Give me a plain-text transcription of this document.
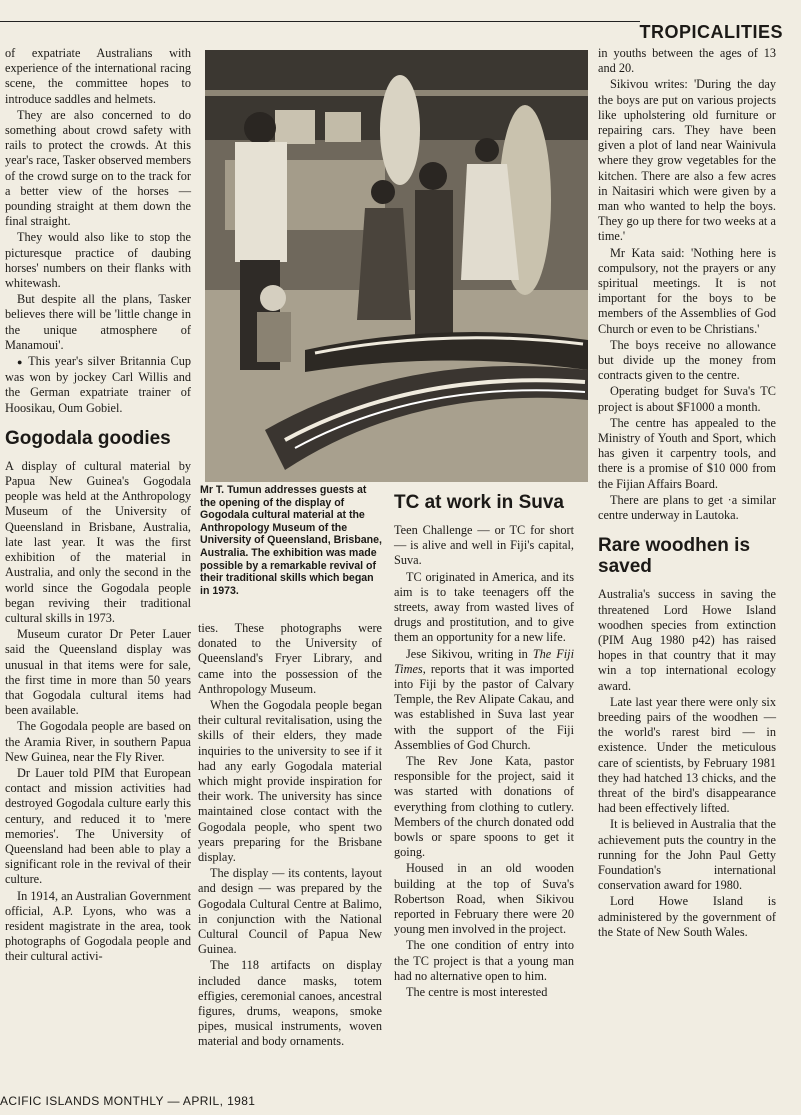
TROPICALITIES

of expatriate Australians with experience of the international racing scene, the committee hopes to introduce saddles and helmets.

They are also concerned to do something about crowd safety with rails to protect the crowds. At this year's race, Tasker observed members of the crowd surge on to the track for a better view of the horses — pounding straight at them down the final straight.

They would also like to stop the picturesque practice of daubing horses' numbers on their flanks with whitewash.

But despite all the plans, Tasker believes there will be 'little change in the unique atmosphere of Manamoui'.

● This year's silver Britannia Cup was won by jockey Carl Willis and the German expatriate trainer of Hoosikau, Oum Gobiel.

Gogodala goodies

A display of cultural material by Papua New Guinea's Gogodala people was held at the Anthropology Museum of the University of Queensland in Brisbane, Australia, late last year. It was the first exhibition of the material in Australia, and only the second in the world since the Gogodala people began reviving their traditional cultural skills in 1973.

Museum curator Dr Peter Lauer said the Queensland display was unusual in that items were for sale, the first time in more than 50 years that Gogodala cultural items had been available.

The Gogodala people are based on the Aramia River, in southern Papua New Guinea, near the Fly River.

Dr Lauer told PIM that European contact and mission activities had destroyed Gogodala culture early this century, and reduced it to 'mere memories'. The University of Queensland had been able to play a significant role in the revival of their culture.

In 1914, an Australian Government official, A.P. Lyons, who was a resident magistrate in the area, took photographs of Gogodala people and their cultural activi-

Mr T. Tumun addresses guests at the opening of the display of Gogodala cultural material at the Anthropology Museum of the University of Queensland, Brisbane, Australia. The exhibition was made possible by a remarkable revival of their traditional skills which began in 1973.

ties. These photographs were donated to the University of Queensland's Fryer Library, and came into the possession of the Anthropology Museum.

When the Gogodala people began their cultural revitalisation, using the skills of their elders, they made inquiries to the university to see if it had any early Gogodala material which might provide inspiration for their work. The university has since maintained close contact with the Gogodala people, who spent two years preparing for the Brisbane display.

The display — its contents, layout and design — was prepared by the Gogodala Cultural Centre at Balimo, in conjunction with the National Cultural Council of Papua New Guinea.

The 118 artifacts on display included dance masks, totem effigies, ceremonial canoes, ancestral figures, drums, weapons, smoke pipes, musical instruments, woven material and body ornaments.

TC at work in Suva

Teen Challenge — or TC for short — is alive and well in Fiji's capital, Suva.

TC originated in America, and its aim is to take teenagers off the streets, away from wasted lives of drugs and prostitution, and to give them an opportunity for a new life.

Jese Sikivou, writing in The Fiji Times, reports that it was imported into Fiji by the pastor of Calvary Temple, the Rev Alipate Cakau, and was established in Suva last year with the support of the Fiji Assemblies of God Church.

The Rev Jone Kata, pastor responsible for the project, said it was started with donations of everything from clothing to cutlery. Members of the church donated odd bowls or spare spoons to get it going.

Housed in an old wooden building at the top of Suva's Robertson Road, when Sikivou reported in February there were 20 young men involved in the project.

The one condition of entry into the TC project is that a young man had no alternative open to him.

The centre is most interested

in youths between the ages of 13 and 20.

Sikivou writes: 'During the day the boys are put on various projects like upholstering old furniture or repairing cars. They have been given a plot of land near Wainivula where they grow vegetables for the kitchen. There are also a few acres in Naitasiri which were given by a man who wanted to help the boys. They go up there for two weeks at a time.'

Mr Kata said: 'Nothing here is compulsory, not the prayers or any spiritual meetings. It is not important for the boys to be members of the Assemblies of God Church or even to be Christians.'

The boys receive no allowance but divide up the money from contracts given to the centre.

Operating budget for Suva's TC project is about $F1000 a month.

The centre has appealed to the Ministry of Youth and Sport, which has given it carpentry tools, and there is a promise of $10 000 from the Fijian Affairs Board.

There are plans to get ·a similar centre underway in Lautoka.

Rare woodhen is saved

Australia's success in saving the threatened Lord Howe Island woodhen species from extinction (PIM Aug 1980 p42) has raised hopes in that country that it may win a top international ecology award.

Late last year there were only six breeding pairs of the woodhen — the world's rarest bird — in existence. Under the meticulous care of scientists, by February 1981 they had hatched 13 chicks, and the threat of the bird's disappearance had been effectively lifted.

It is believed in Australia that the achievement puts the country in the running for the John Paul Getty Foundation's international conservation award for 1980.

Lord Howe Island is administered by the government of the State of New South Wales.

ACIFIC ISLANDS MONTHLY — APRIL, 1981
